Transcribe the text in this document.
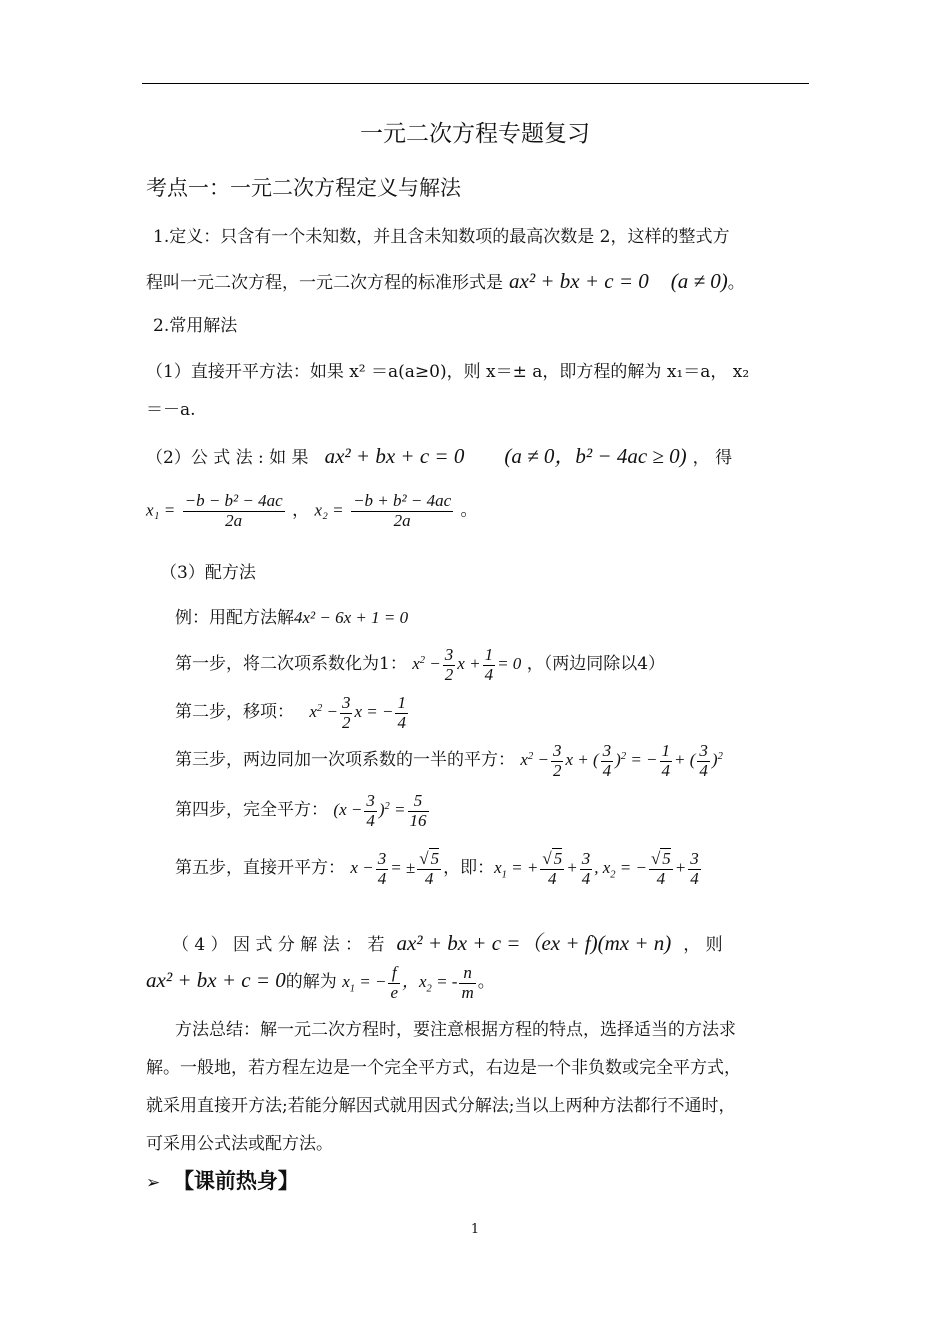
一元二次方程专题复习
考点一：一元二次方程定义与解法
1.定义：只含有一个未知数，并且含未知数项的最高次数是 2，这样的整式方
程叫一元二次方程，一元二次方程的标准形式是 ax² + bx + c = 0 (a ≠ 0)。
2.常用解法
（1）直接开平方法：如果 x² ＝a(a≥0)，则 x＝± a，即方程的解为 x₁＝a， x₂
＝－a.
（2）公 式 法 : 如 果 ax² + bx + c = 0 (a ≠ 0，b² − 4ac ≥ 0) ， 得
$x_1 = \frac{\text{−b − b² − 4ac}}{2a}$ ， $x_2 = \frac{\text{−b + b² − 4ac}}{2a}$ 。
（3）配方法
例：用配方法解4x² − 6x + 1 = 0
第一步，将二次项系数化为1： $x^2 - \frac{3}{2}$ $x + \frac{1}{4} = 0$ ，（两边同除以4）
第二步，移项： $x^2 - \frac{3}{2}$ x = − $\frac{1}{4}$
第三步，两边同加一次项系数的一半的平方： $x^2 - \frac{3}{2}$ x + ( $\frac{3}{4} )^2$ = − $\frac{1}{4}$ + ( $\frac{3}{4} )^2$
第四步，完全平方： $(x - \frac{3}{4} )^2 = \frac{5}{16}$
第五步，直接开平方： $x - \frac{3}{4}$ = ± $\frac{√ 5}{4}$ ，即：$x_1$ = + $\frac{√ 5}{4} + \frac{3}{4}$ , $x_2$ = − $\frac{√ 5}{4} + \frac{3}{4}$
（ 4 ） 因 式 分 解 法 ： 若 ax² + bx + c =（ex + f)(mx + n) ， 则
ax² + bx + c = 0的解为 $x_1$ = − $\frac{f}{e}$ ，$x_2$ = - $\frac{n}{m}$ 。
方法总结：解一元二次方程时，要注意根据方程的特点，选择适当的方法求
解。一般地，若方程左边是一个完全平方式，右边是一个非负数或完全平方式，
就采用直接开方法;若能分解因式就用因式分解法;当以上两种方法都行不通时，
可采用公式法或配方法。
➢ 【课前热身】
1
